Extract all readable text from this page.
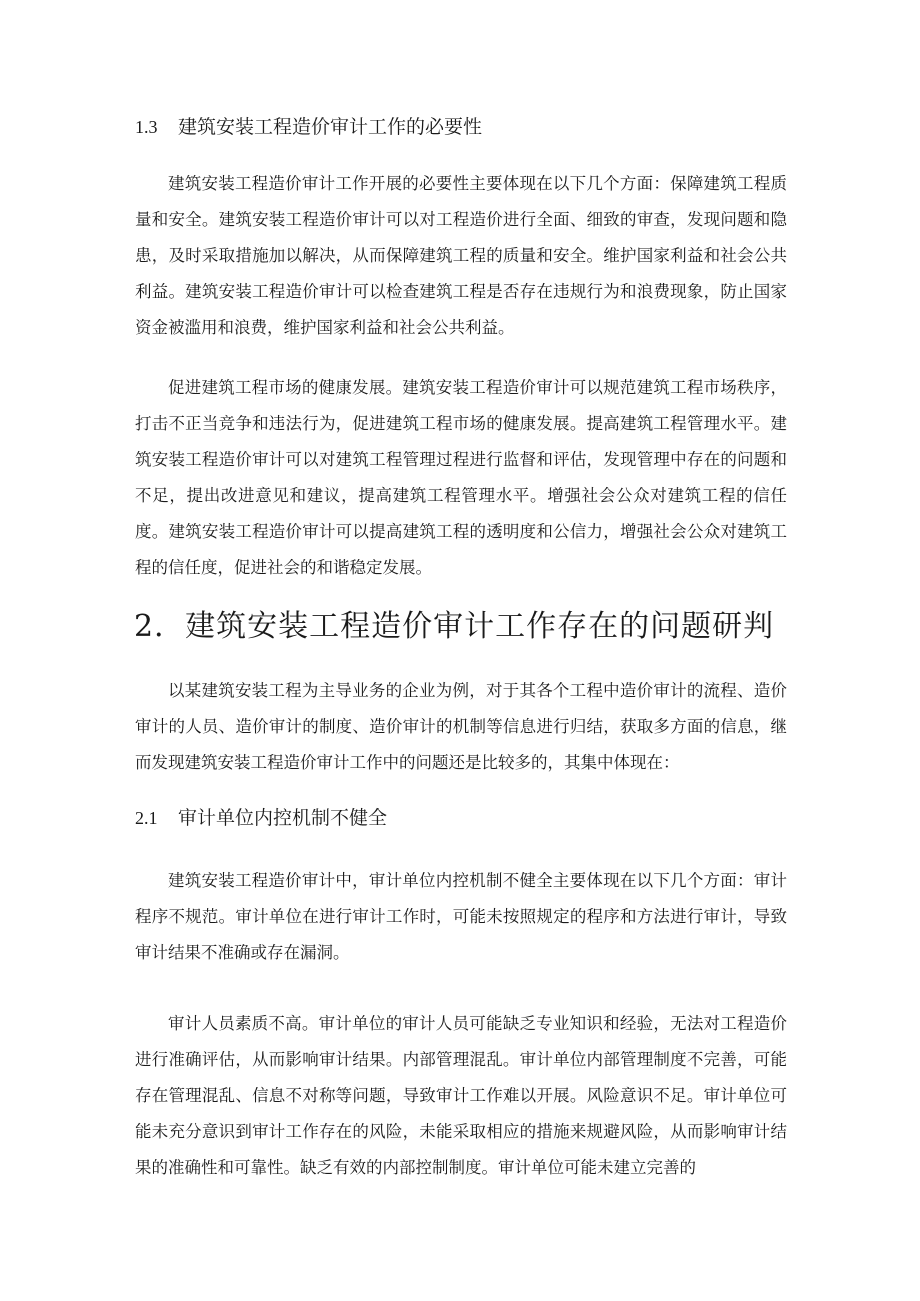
1.3 建筑安装工程造价审计工作的必要性

建筑安装工程造价审计工作开展的必要性主要体现在以下几个方面：保障建筑工程质量和安全。建筑安装工程造价审计可以对工程造价进行全面、细致的审查，发现问题和隐患，及时采取措施加以解决，从而保障建筑工程的质量和安全。维护国家利益和社会公共利益。建筑安装工程造价审计可以检查建筑工程是否存在违规行为和浪费现象，防止国家资金被滥用和浪费，维护国家利益和社会公共利益。

促进建筑工程市场的健康发展。建筑安装工程造价审计可以规范建筑工程市场秩序，打击不正当竞争和违法行为，促进建筑工程市场的健康发展。提高建筑工程管理水平。建筑安装工程造价审计可以对建筑工程管理过程进行监督和评估，发现管理中存在的问题和不足，提出改进意见和建议，提高建筑工程管理水平。增强社会公众对建筑工程的信任度。建筑安装工程造价审计可以提高建筑工程的透明度和公信力，增强社会公众对建筑工程的信任度，促进社会的和谐稳定发展。

2．建筑安装工程造价审计工作存在的问题研判

以某建筑安装工程为主导业务的企业为例，对于其各个工程中造价审计的流程、造价审计的人员、造价审计的制度、造价审计的机制等信息进行归结，获取多方面的信息，继而发现建筑安装工程造价审计工作中的问题还是比较多的，其集中体现在：

2.1 审计单位内控机制不健全

建筑安装工程造价审计中，审计单位内控机制不健全主要体现在以下几个方面：审计程序不规范。审计单位在进行审计工作时，可能未按照规定的程序和方法进行审计，导致审计结果不准确或存在漏洞。

审计人员素质不高。审计单位的审计人员可能缺乏专业知识和经验，无法对工程造价进行准确评估，从而影响审计结果。内部管理混乱。审计单位内部管理制度不完善，可能存在管理混乱、信息不对称等问题，导致审计工作难以开展。风险意识不足。审计单位可能未充分意识到审计工作存在的风险，未能采取相应的措施来规避风险，从而影响审计结果的准确性和可靠性。缺乏有效的内部控制制度。审计单位可能未建立完善的
